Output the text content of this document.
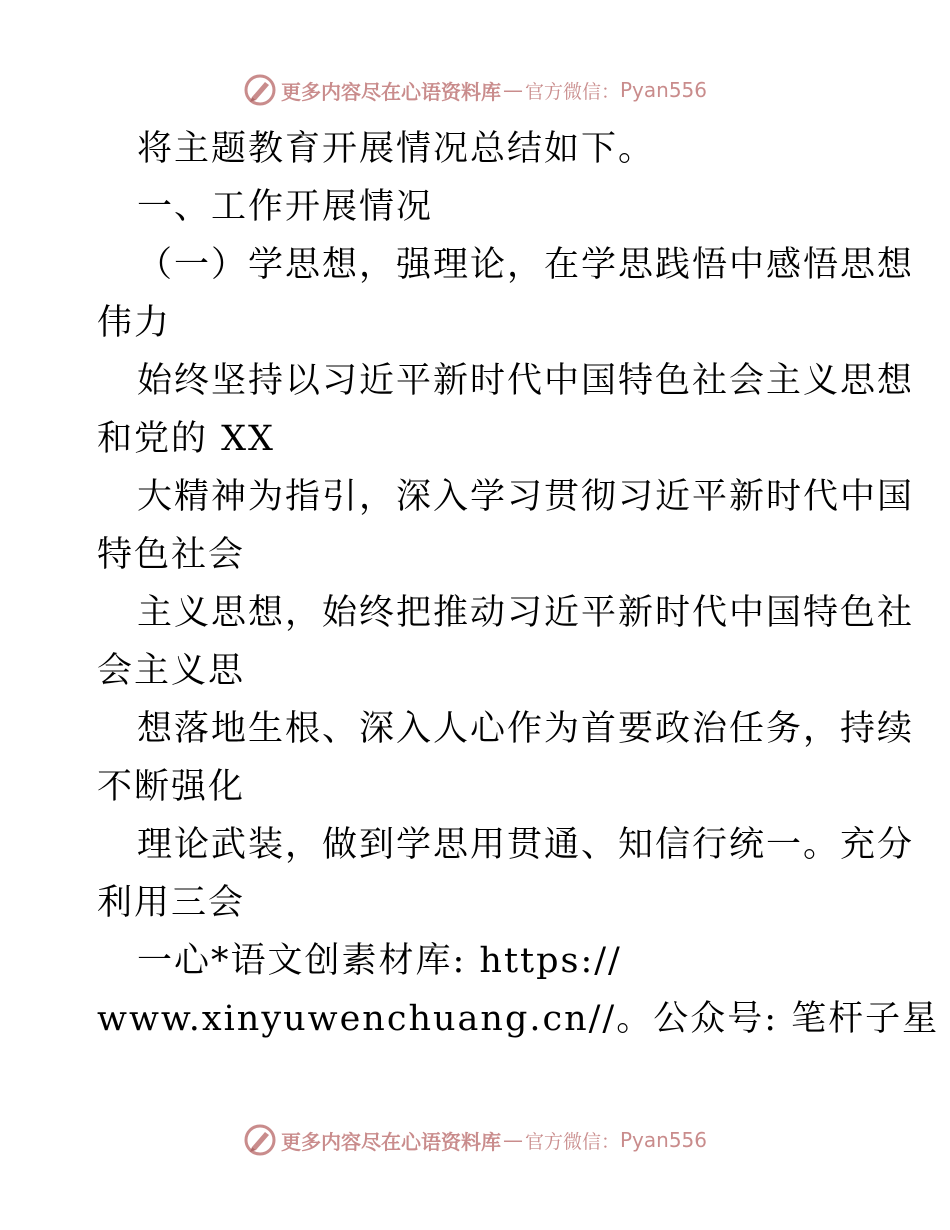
更多内容尽在心语资料库 — 官方微信： Pyan556
将主题教育开展情况总结如下。
一、工作开展情况
（一）学思想，强理论，在学思践悟中感悟思想
伟力
始终坚持以习近平新时代中国特色社会主义思想
和党的 XX
大精神为指引，深入学习贯彻习近平新时代中国
特色社会
主义思想，始终把推动习近平新时代中国特色社
会主义思
想落地生根、深入人心作为首要政治任务，持续
不断强化
理论武装，做到学思用贯通、知信行统一。充分
利用三会
一心*语文创素材库: https://
www.xinyuwenchuang.cn//。公众号: 笔杆子星
更多内容尽在心语资料库 — 官方微信： Pyan556
